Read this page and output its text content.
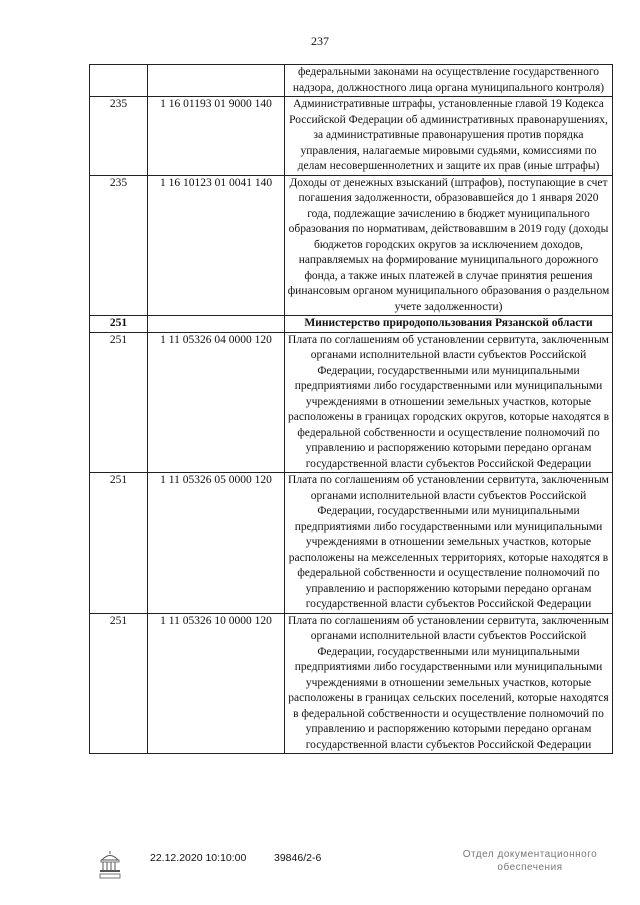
237
		федеральными законами на осуществление государственного надзора, должностного лица органа муниципального контроля)
235	1 16 01193 01 9000 140	Административные штрафы, установленные главой 19 Кодекса Российской Федерации об административных правонарушениях, за административные правонарушения против порядка управления, налагаемые мировыми судьями, комиссиями по делам несовершеннолетних и защите их прав (иные штрафы)
235	1 16 10123 01 0041 140	Доходы от денежных взысканий (штрафов), поступающие в счет погашения задолженности, образовавшейся до 1 января 2020 года, подлежащие зачислению в бюджет муниципального образования по нормативам, действовавшим в 2019 году (доходы бюджетов городских округов за исключением доходов, направляемых на формирование муниципального дорожного фонда, а также иных платежей в случае принятия решения финансовым органом муниципального образования о раздельном учете задолженности)
251		Министерство природопользования Рязанской области
251	1 11 05326 04 0000 120	Плата по соглашениям об установлении сервитута, заключенным органами исполнительной власти субъектов Российской Федерации, государственными или муниципальными предприятиями либо государственными или муниципальными учреждениями в отношении земельных участков, которые расположены в границах городских округов, которые находятся в федеральной собственности и осуществление полномочий по управлению и распоряжению которыми передано органам государственной власти субъектов Российской Федерации
251	1 11 05326 05 0000 120	Плата по соглашениям об установлении сервитута, заключенным органами исполнительной власти субъектов Российской Федерации, государственными или муниципальными предприятиями либо государственными или муниципальными учреждениями в отношении земельных участков, которые расположены на межселенных территориях, которые находятся в федеральной собственности и осуществление полномочий по управлению и распоряжению которыми передано органам государственной власти субъектов Российской Федерации
251	1 11 05326 10 0000 120	Плата по соглашениям об установлении сервитута, заключенным органами исполнительной власти субъектов Российской Федерации, государственными или муниципальными предприятиями либо государственными или муниципальными учреждениями в отношении земельных участков, которые расположены в границах сельских поселений, которые находятся в федеральной собственности и осуществление полномочий по управлению и распоряжению которыми передано органам государственной власти субъектов Российской Федерации
22.12.2020 10:10:00	39846/2-6	Отдел документационного
обеспечения
